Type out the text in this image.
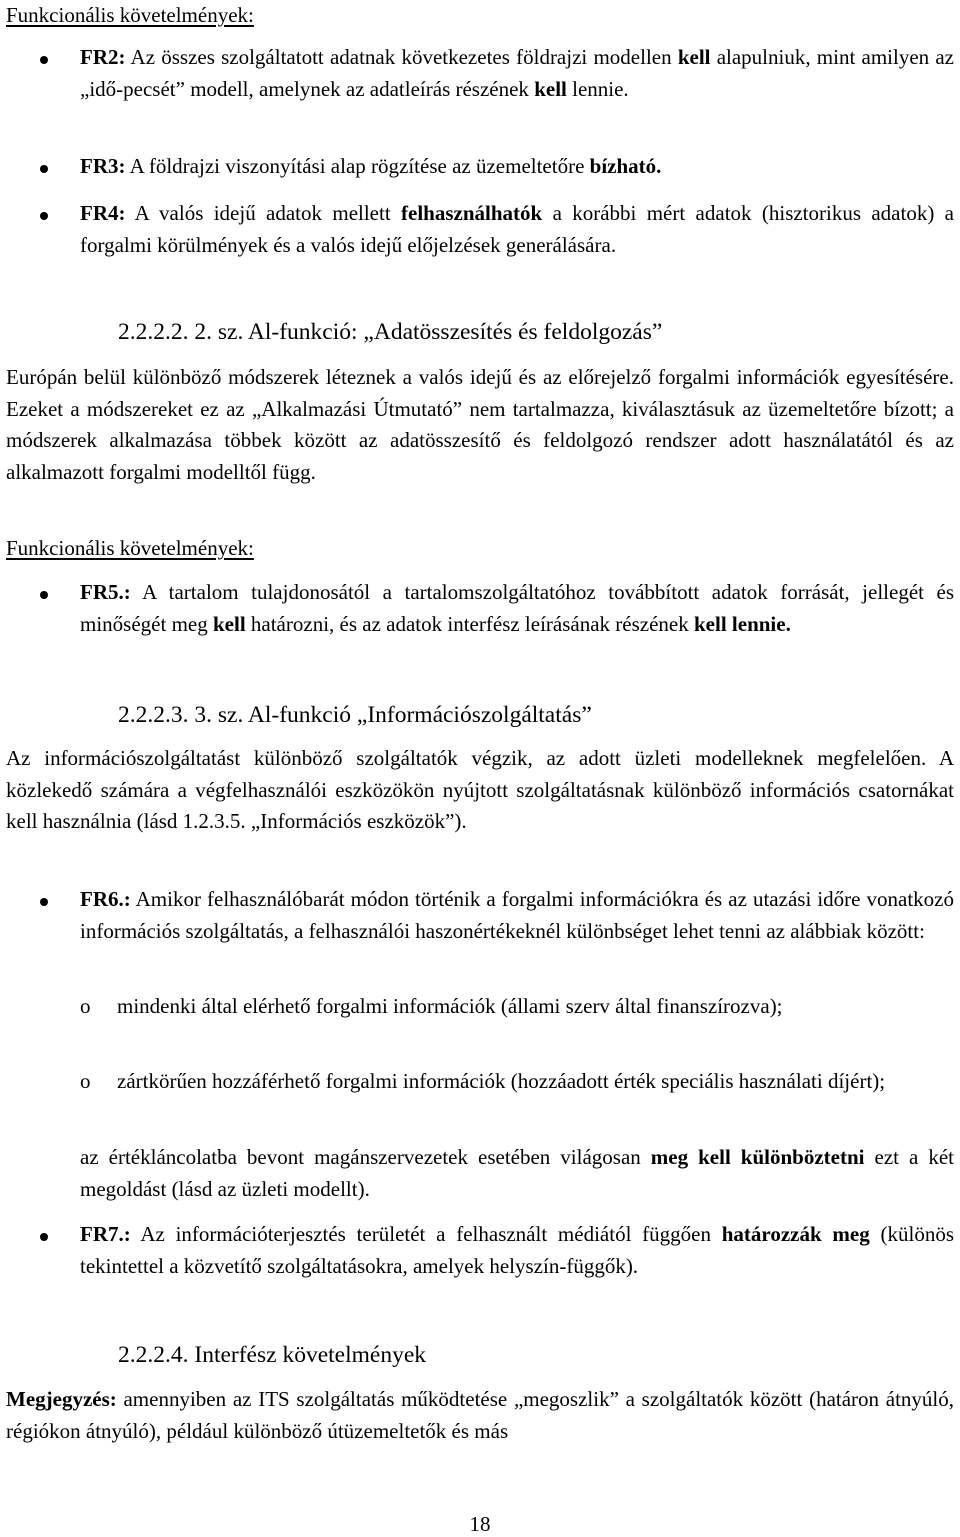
Funkcionális követelmények:

FR2: Az összes szolgáltatott adatnak következetes földrajzi modellen kell alapulniuk, mint amilyen az „idő-pecsét” modell, amelynek az adatleírás részének kell lennie.

FR3: A földrajzi viszonyítási alap rögzítése az üzemeltetőre bízható.

FR4: A valós idejű adatok mellett felhasználhatók a korábbi mért adatok (hisztorikus adatok) a forgalmi körülmények és a valós idejű előjelzések generálására.

2.2.2.2. 2. sz. Al-funkció: „Adatösszesítés és feldolgozás”

Európán belül különböző módszerek léteznek a valós idejű és az előrejelző forgalmi információk egyesítésére. Ezeket a módszereket ez az „Alkalmazási Útmutató” nem tartalmazza, kiválasztásuk az üzemeltetőre bízott; a módszerek alkalmazása többek között az adatösszesítő és feldolgozó rendszer adott használatától és az alkalmazott forgalmi modelltől függ.

Funkcionális követelmények:

FR5.: A tartalom tulajdonosától a tartalomszolgáltatóhoz továbbított adatok forrását, jellegét és minőségét meg kell határozni, és az adatok interfész leírásának részének kell lennie.

2.2.2.3. 3. sz. Al-funkció „Információszolgáltatás”

Az információszolgáltatást különböző szolgáltatók végzik, az adott üzleti modelleknek megfelelően. A közlekedő számára a végfelhasználói eszközökön nyújtott szolgáltatásnak különböző információs csatornákat kell használnia (lásd 1.2.3.5. „Információs eszközök”).

FR6.: Amikor felhasználóbarát módon történik a forgalmi információkra és az utazási időre vonatkozó információs szolgáltatás, a felhasználói haszonértékeknél különbséget lehet tenni az alábbiak között:

o mindenki által elérhető forgalmi információk (állami szerv által finanszírozva);

o zártkörűen hozzáférhető forgalmi információk (hozzáadott érték speciális használati díjért);

az értékláncolatba bevont magánszervezetek esetében világosan meg kell különböztetni ezt a két megoldást (lásd az üzleti modellt).

FR7.: Az információterjesztés területét a felhasznált médiától függően határozzák meg (különös tekintettel a közvetítő szolgáltatásokra, amelyek helyszín-függők).

2.2.2.4. Interfész követelmények

Megjegyzés: amennyiben az ITS szolgáltatás működtetése „megoszlik” a szolgáltatók között (határon átnyúló, régiókon átnyúló), például különböző útüzemeltetők és más

18
